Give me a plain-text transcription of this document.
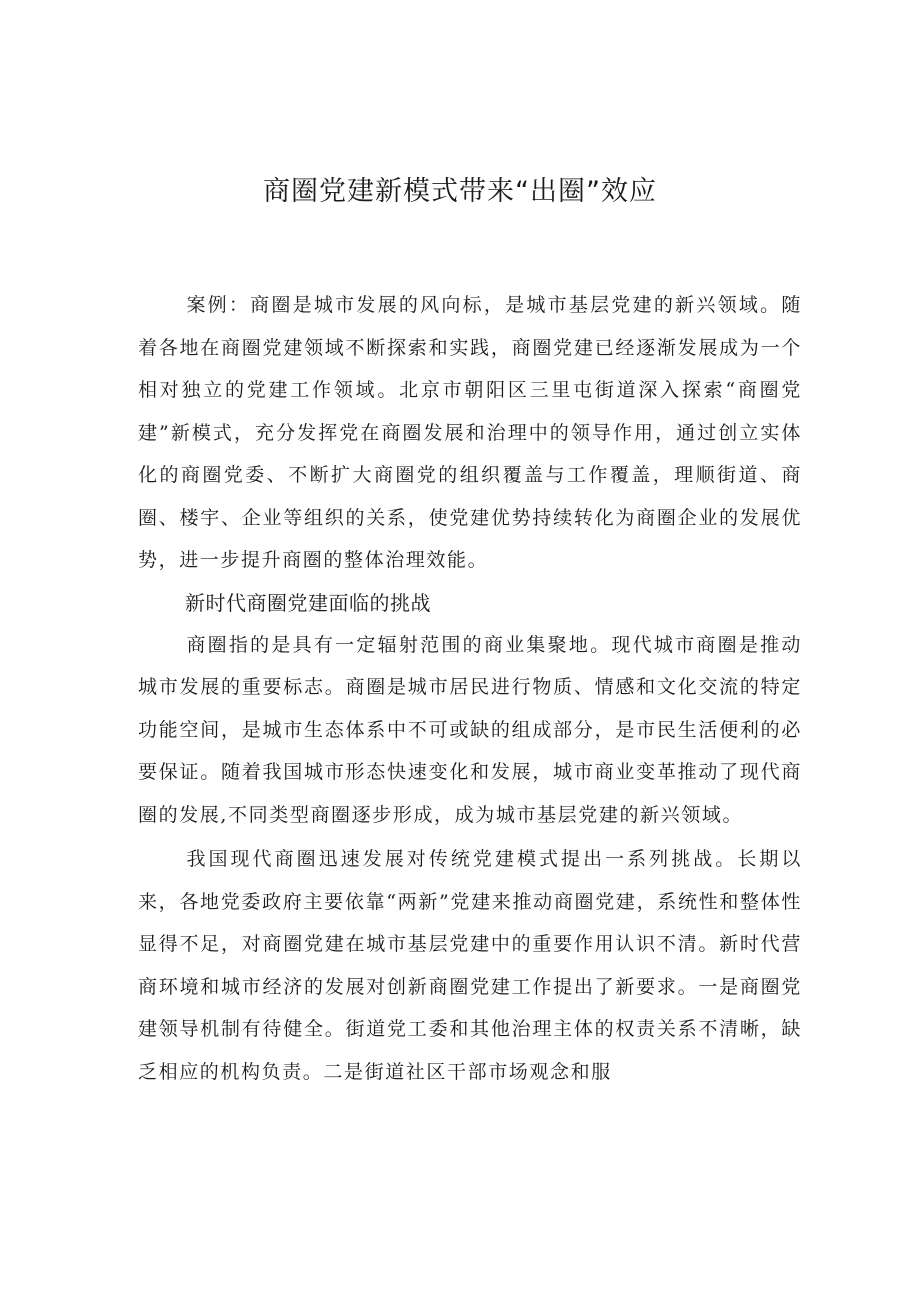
商圈党建新模式带来“出圈”效应

案例：商圈是城市发展的风向标，是城市基层党建的新兴领域。随着各地在商圈党建领域不断探索和实践，商圈党建已经逐渐发展成为一个相对独立的党建工作领域。北京市朝阳区三里屯街道深入探索“商圈党建”新模式，充分发挥党在商圈发展和治理中的领导作用，通过创立实体化的商圈党委、不断扩大商圈党的组织覆盖与工作覆盖，理顺街道、商圈、楼宇、企业等组织的关系，使党建优势持续转化为商圈企业的发展优势，进一步提升商圈的整体治理效能。

新时代商圈党建面临的挑战

商圈指的是具有一定辐射范围的商业集聚地。现代城市商圈是推动城市发展的重要标志。商圈是城市居民进行物质、情感和文化交流的特定功能空间，是城市生态体系中不可或缺的组成部分，是市民生活便利的必要保证。随着我国城市形态快速变化和发展，城市商业变革推动了现代商圈的发展,不同类型商圈逐步形成，成为城市基层党建的新兴领域。

我国现代商圈迅速发展对传统党建模式提出一系列挑战。长期以来，各地党委政府主要依靠“两新”党建来推动商圈党建，系统性和整体性显得不足，对商圈党建在城市基层党建中的重要作用认识不清。新时代营商环境和城市经济的发展对创新商圈党建工作提出了新要求。一是商圈党建领导机制有待健全。街道党工委和其他治理主体的权责关系不清晰，缺乏相应的机构负责。二是街道社区干部市场观念和服
